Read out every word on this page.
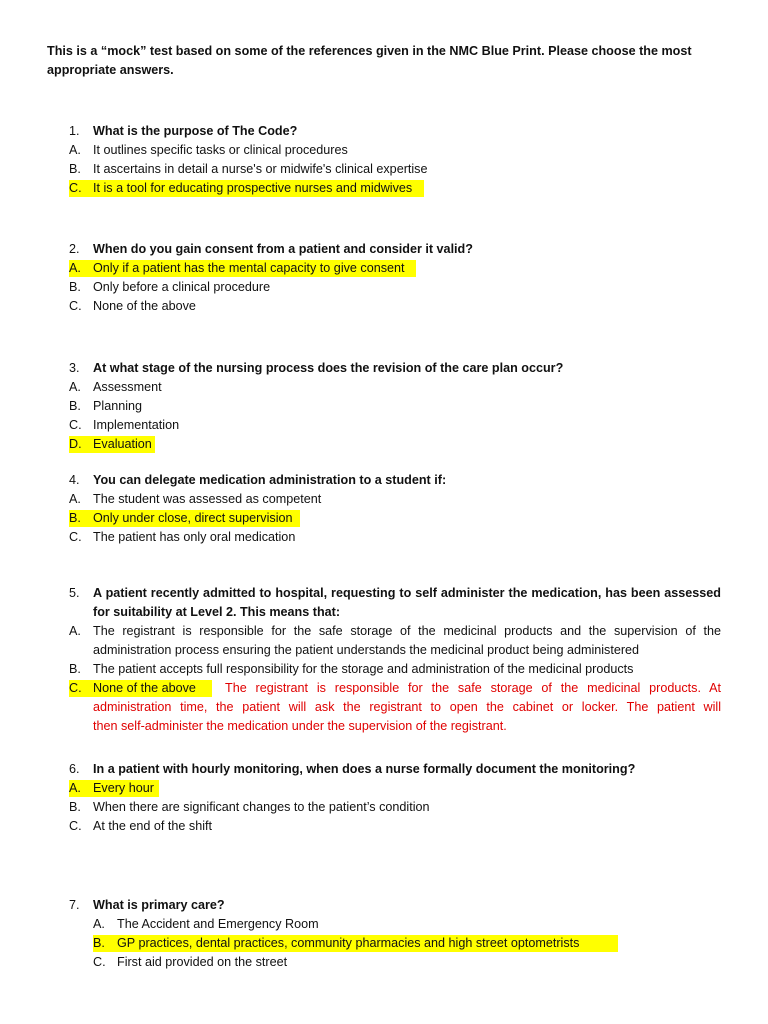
This is a “mock” test based on some of the references given in the NMC Blue Print. Please choose the most appropriate answers.
1. What is the purpose of The Code?
A. It outlines specific tasks or clinical procedures
B. It ascertains in detail a nurse's or midwife's clinical expertise
C. It is a tool for educating prospective nurses and midwives
2. When do you gain consent from a patient and consider it valid?
A. Only if a patient has the mental capacity to give consent
B. Only before a clinical procedure
C. None of the above
3. At what stage of the nursing process does the revision of the care plan occur?
A. Assessment
B. Planning
C. Implementation
D. Evaluation
4. You can delegate medication administration to a student if:
A. The student was assessed as competent
B. Only under close, direct supervision
C. The patient has only oral medication
5. A patient recently admitted to hospital, requesting to self administer the medication, has been assessed
for suitability at Level 2. This means that:
A. The registrant is responsible for the safe storage of the medicinal products and the supervision of the
administration process ensuring the patient understands the medicinal product being administered
B. The patient accepts full responsibility for the storage and administration of the medicinal products
C. None of the above The registrant is responsible for the safe storage of the medicinal products. At
administration time, the patient will ask the registrant to open the cabinet or locker. The patient will
then self-administer the medication under the supervision of the registrant.
6. In a patient with hourly monitoring, when does a nurse formally document the monitoring?
A. Every hour
B. When there are significant changes to the patient’s condition
C. At the end of the shift
7. What is primary care?
A. The Accident and Emergency Room
B. GP practices, dental practices, community pharmacies and high street optometrists
C. First aid provided on the street
